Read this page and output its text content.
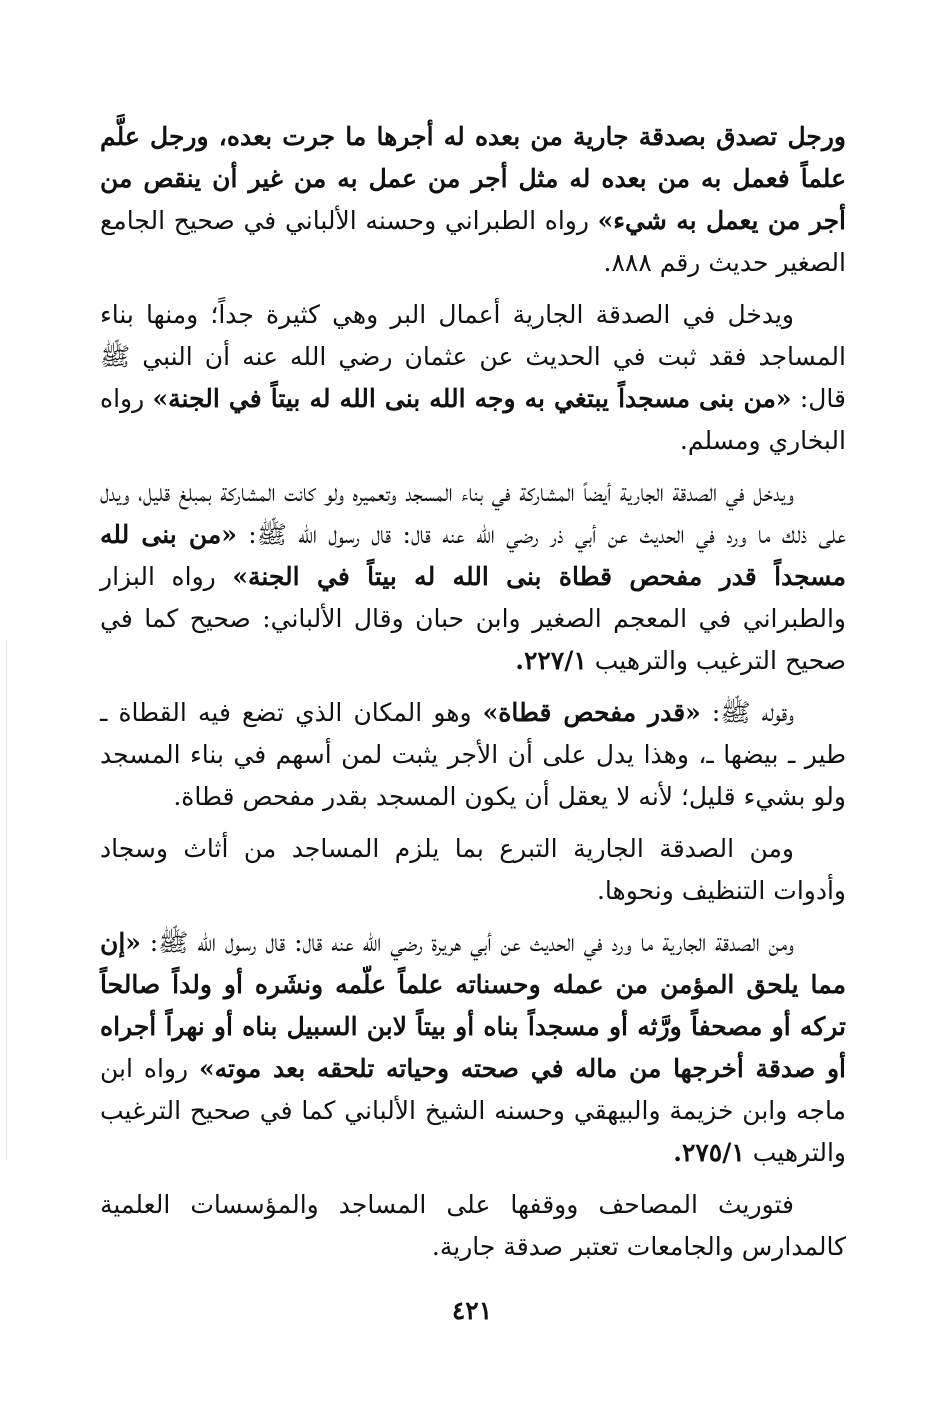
ورجل تصدق بصدقة جارية من بعده له أجرها ما جرت بعده، ورجل علَّم علماً فعمل به من بعده له مثل أجر من عمل به من غير أن ينقص من أجر من يعمل به شيء» رواه الطبراني وحسنه الألباني في صحيح الجامع الصغير حديث رقم ٨٨٨.

ويدخل في الصدقة الجارية أعمال البر وهي كثيرة جداً؛ ومنها بناء المساجد فقد ثبت في الحديث عن عثمان رضي الله عنه أن النبي ﷺ قال: «من بنى مسجداً يبتغي به وجه الله بنى الله له بيتاً في الجنة» رواه البخاري ومسلم.

ويدخل في الصدقة الجارية أيضاً المشاركة في بناء المسجد وتعميره ولو كانت المشاركة بمبلغ قليل، ويدل على ذلك ما ورد في الحديث عن أبي ذر رضي الله عنه قال: قال رسول الله ﷺ: «من بنى لله مسجداً قدر مفحص قطاة بنى الله له بيتاً في الجنة» رواه البزار والطبراني في المعجم الصغير وابن حبان وقال الألباني: صحيح كما في صحيح الترغيب والترهيب ٢٢٧/١.

وقوله ﷺ: «قدر مفحص قطاة» وهو المكان الذي تضع فيه القطاة ـ طير ـ بيضها ـ، وهذا يدل على أن الأجر يثبت لمن أسهم في بناء المسجد ولو بشيء قليل؛ لأنه لا يعقل أن يكون المسجد بقدر مفحص قطاة.

ومن الصدقة الجارية التبرع بما يلزم المساجد من أثاث وسجاد وأدوات التنظيف ونحوها.

ومن الصدقة الجارية ما ورد في الحديث عن أبي هريرة رضي الله عنه قال: قال رسول الله ﷺ: «إن مما يلحق المؤمن من عمله وحسناته علماً علّمه ونشَره أو ولداً صالحاً تركه أو مصحفاً ورَّثه أو مسجداً بناه أو بيتاً لابن السبيل بناه أو نهراً أجراه أو صدقة أخرجها من ماله في صحته وحياته تلحقه بعد موته» رواه ابن ماجه وابن خزيمة والبيهقي وحسنه الشيخ الألباني كما في صحيح الترغيب والترهيب ٢٧٥/١.

فتوريث المصاحف ووقفها على المساجد والمؤسسات العلمية كالمدارس والجامعات تعتبر صدقة جارية.

٤٢١
